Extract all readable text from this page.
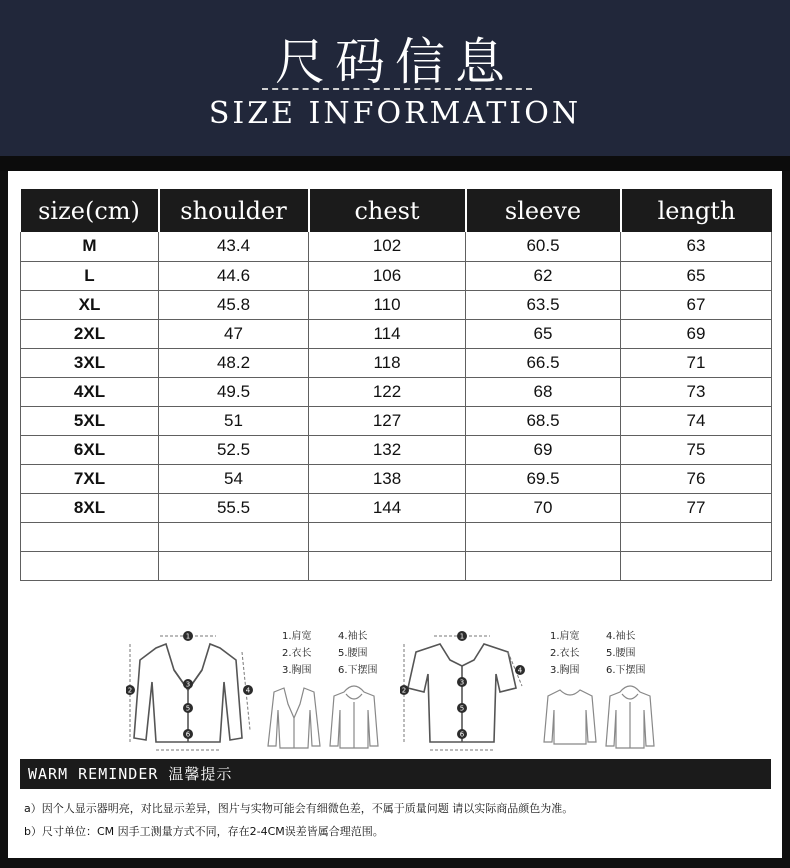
尺码信息
SIZE INFORMATION
size(cm)	shoulder	chest	sleeve	length
M	43.4	102	60.5	63
L	44.6	106	62	65
XL	45.8	110	63.5	67
2XL	47	114	65	69
3XL	48.2	118	66.5	71
4XL	49.5	122	68	73
5XL	51	127	68.5	74
6XL	52.5	132	69	75
7XL	54	138	69.5	76
8XL	55.5	144	70	77

1
2
3
4
5
6
1.肩宽	4.袖长
2.衣长	5.腰围
3.胸围	6.下摆围
1
2
3
4
5
6
1.肩宽	4.袖长
2.衣长	5.腰围
3.胸围	6.下摆围
WARM REMINDER 温馨提示
a）因个人显示器明亮，对比显示差异，图片与实物可能会有细微色差，不属于质量问题 请以实际商品颜色为准。
b）尺寸单位：CM 因手工测量方式不同，存在2-4CM误差皆属合理范围。
